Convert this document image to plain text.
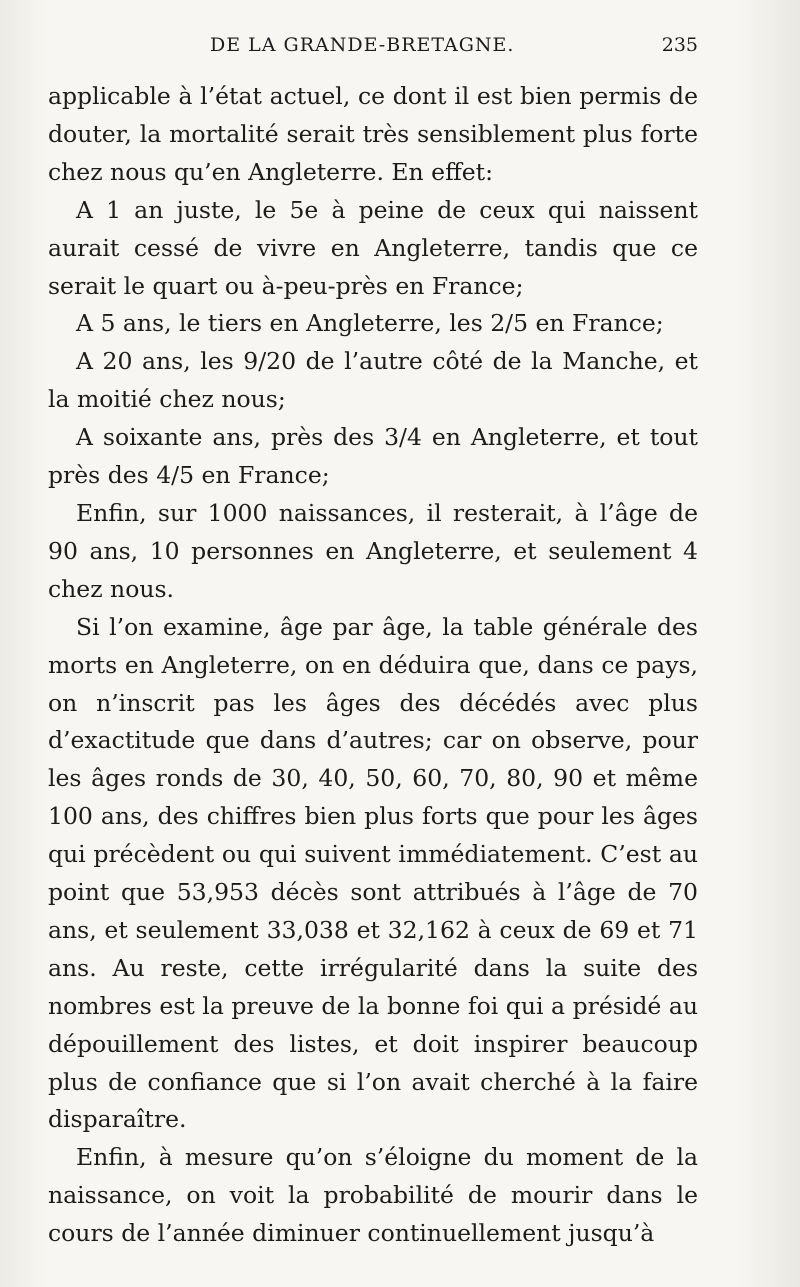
DE LA GRANDE-BRETAGNE.	235

applicable à l’état actuel, ce dont il est bien permis de douter, la mortalité serait très sensiblement plus forte chez nous qu’en Angleterre. En effet:

A 1 an juste, le 5e à peine de ceux qui naissent aurait cessé de vivre en Angleterre, tandis que ce serait le quart ou à-peu-près en France;

A 5 ans, le tiers en Angleterre, les 2/5 en France;

A 20 ans, les 9/20 de l’autre côté de la Manche, et la moitié chez nous;

A soixante ans, près des 3/4 en Angleterre, et tout près des 4/5 en France;

Enfin, sur 1000 naissances, il resterait, à l’âge de 90 ans, 10 personnes en Angleterre, et seulement 4 chez nous.

Si l’on examine, âge par âge, la table générale des morts en Angleterre, on en déduira que, dans ce pays, on n’inscrit pas les âges des décédés avec plus d’exactitude que dans d’autres; car on observe, pour les âges ronds de 30, 40, 50, 60, 70, 80, 90 et même 100 ans, des chiffres bien plus forts que pour les âges qui précèdent ou qui suivent immédiatement. C’est au point que 53,953 décès sont attribués à l’âge de 70 ans, et seulement 33,038 et 32,162 à ceux de 69 et 71 ans. Au reste, cette irrégularité dans la suite des nombres est la preuve de la bonne foi qui a présidé au dépouillement des listes, et doit inspirer beaucoup plus de confiance que si l’on avait cherché à la faire disparaître.

Enfin, à mesure qu’on s’éloigne du moment de la naissance, on voit la probabilité de mourir dans le cours de l’année diminuer continuellement jusqu’à
